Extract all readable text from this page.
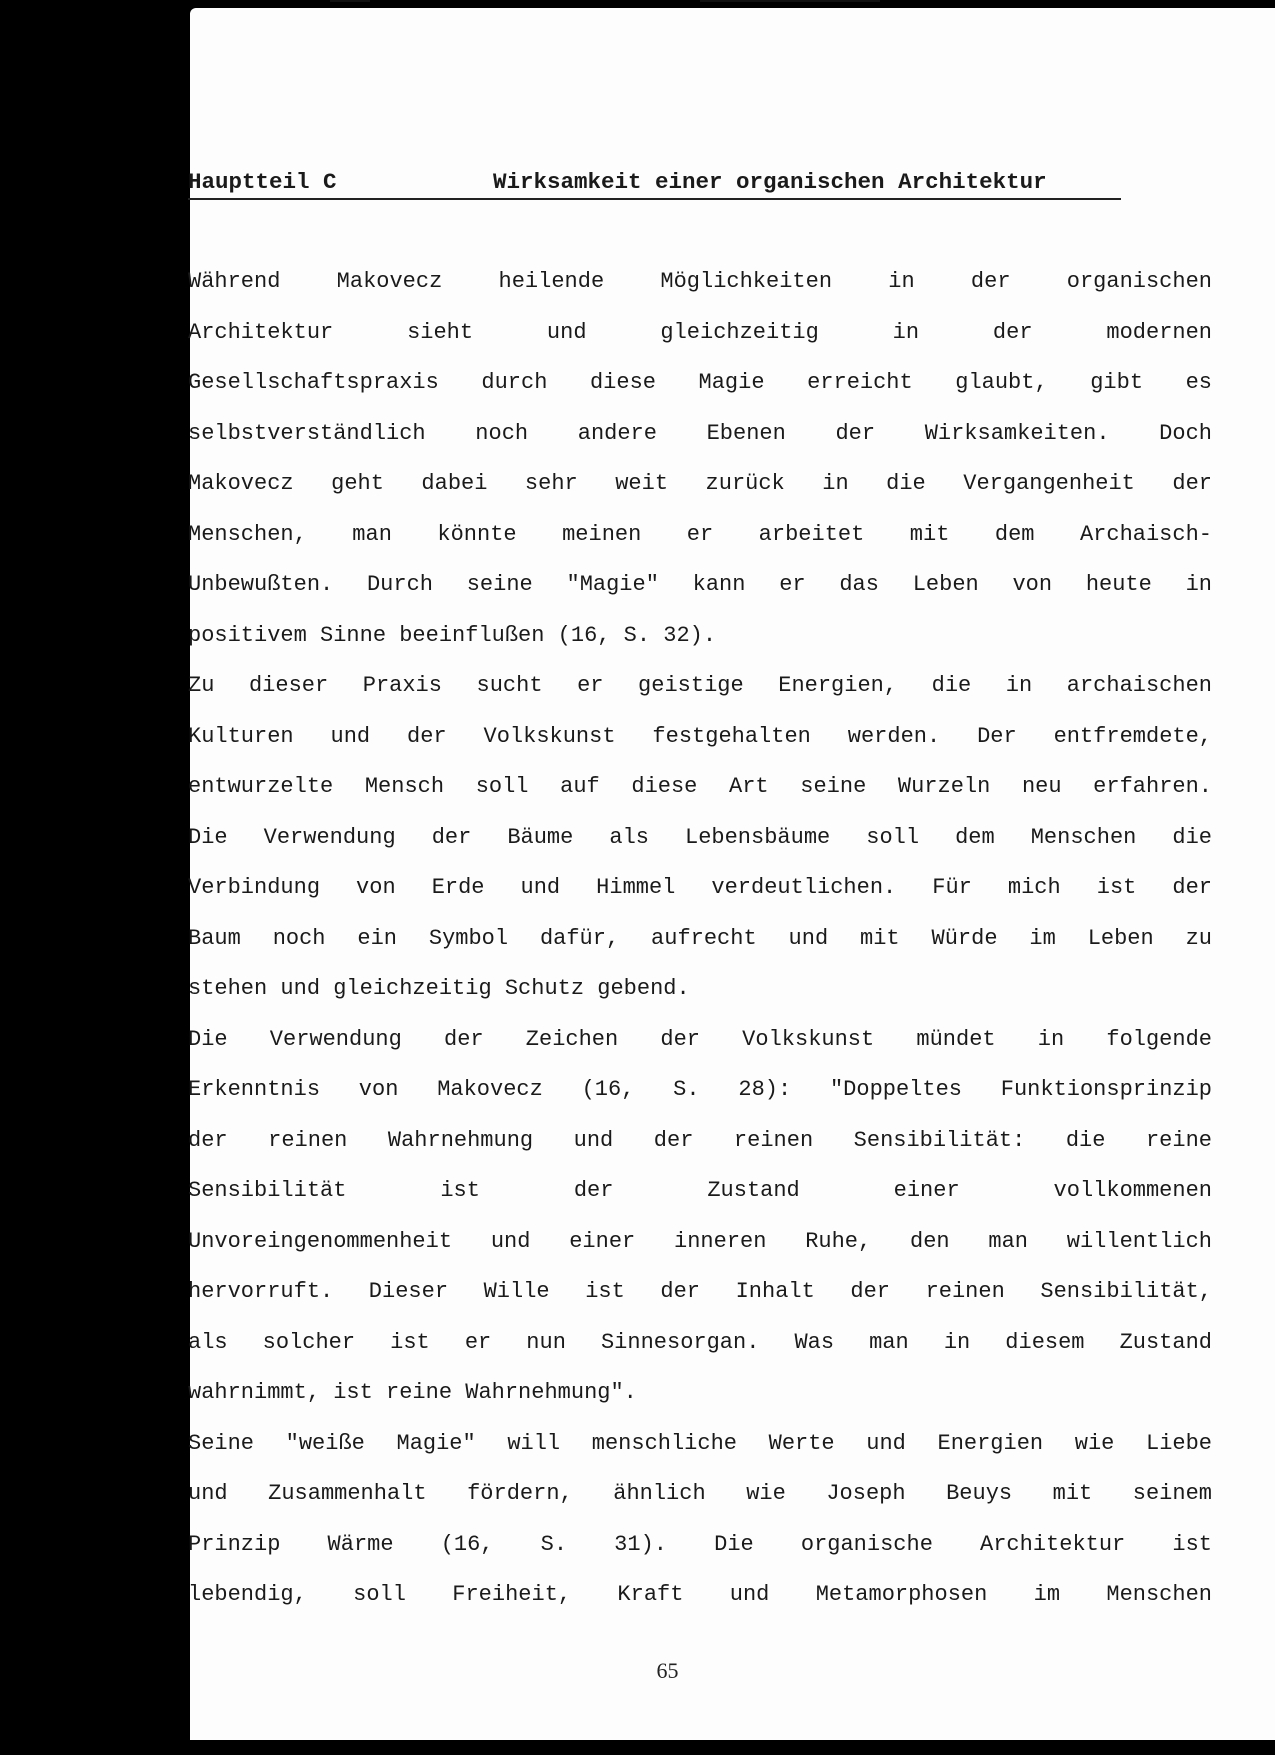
Hauptteil C	Wirksamkeit einer organischen Architektur
Während Makovecz heilende Möglichkeiten in der organischen
Architektur sieht und gleichzeitig in der modernen
Gesellschaftspraxis durch diese Magie erreicht glaubt, gibt es
selbstverständlich noch andere Ebenen der Wirksamkeiten. Doch
Makovecz geht dabei sehr weit zurück in die Vergangenheit der
Menschen, man könnte meinen er arbeitet mit dem Archaisch-
Unbewußten. Durch seine "Magie" kann er das Leben von heute in
positivem Sinne beeinflußen (16, S. 32).
Zu dieser Praxis sucht er geistige Energien, die in archaischen
Kulturen und der Volkskunst festgehalten werden. Der entfremdete,
entwurzelte Mensch soll auf diese Art seine Wurzeln neu erfahren.
Die Verwendung der Bäume als Lebensbäume soll dem Menschen die
Verbindung von Erde und Himmel verdeutlichen. Für mich ist der
Baum noch ein Symbol dafür, aufrecht und mit Würde im Leben zu
stehen und gleichzeitig Schutz gebend.
Die Verwendung der Zeichen der Volkskunst mündet in folgende
Erkenntnis von Makovecz (16, S. 28): "Doppeltes Funktionsprinzip
der reinen Wahrnehmung und der reinen Sensibilität: die reine
Sensibilität ist der Zustand einer vollkommenen
Unvoreingenommenheit und einer inneren Ruhe, den man willentlich
hervorruft. Dieser Wille ist der Inhalt der reinen Sensibilität,
als solcher ist er nun Sinnesorgan. Was man in diesem Zustand
wahrnimmt, ist reine Wahrnehmung".
Seine "weiße Magie" will menschliche Werte und Energien wie Liebe
und Zusammenhalt fördern, ähnlich wie Joseph Beuys mit seinem
Prinzip Wärme (16, S. 31). Die organische Architektur ist
lebendig, soll Freiheit, Kraft und Metamorphosen im Menschen
65
